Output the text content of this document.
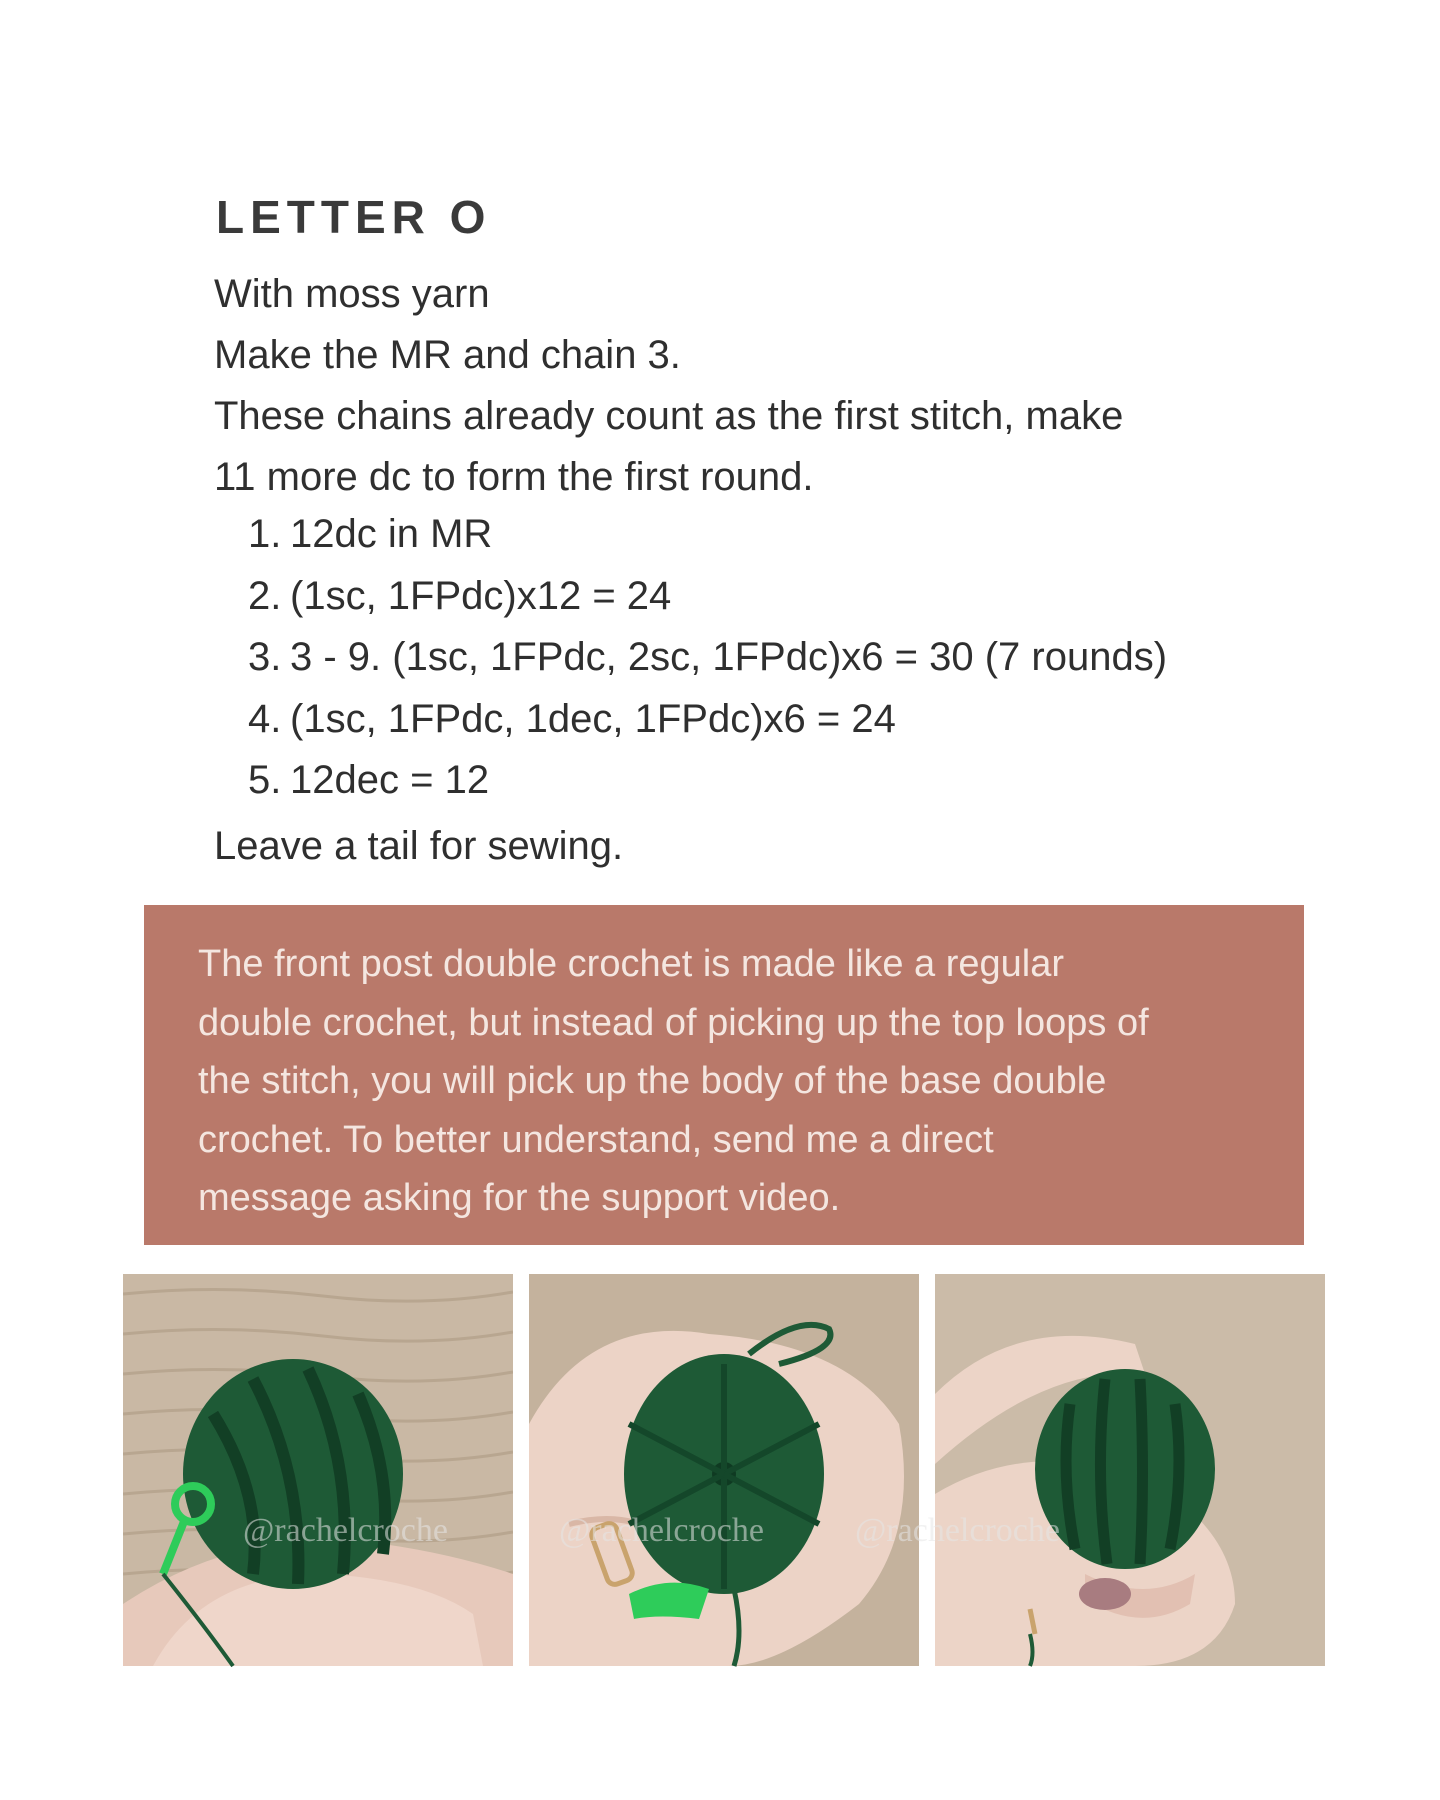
LETTER O
With moss yarn
Make the MR and chain 3.
These chains already count as the first stitch, make
11 more dc to form the first round.
1. 12dc in MR
2. (1sc, 1FPdc)x12 = 24
3. 3 - 9. (1sc, 1FPdc, 2sc, 1FPdc)x6 = 30 (7 rounds)
4. (1sc, 1FPdc, 1dec, 1FPdc)x6 = 24
5. 12dec = 12
Leave a tail for sewing.

The front post double crochet is made like a regular

double crochet, but instead of picking up the top loops of

the stitch, you will pick up the body of the base double

crochet. To better understand, send me a direct

message asking for the support video.

@rachelcroche	@rachelcroche	@rachelcroche
